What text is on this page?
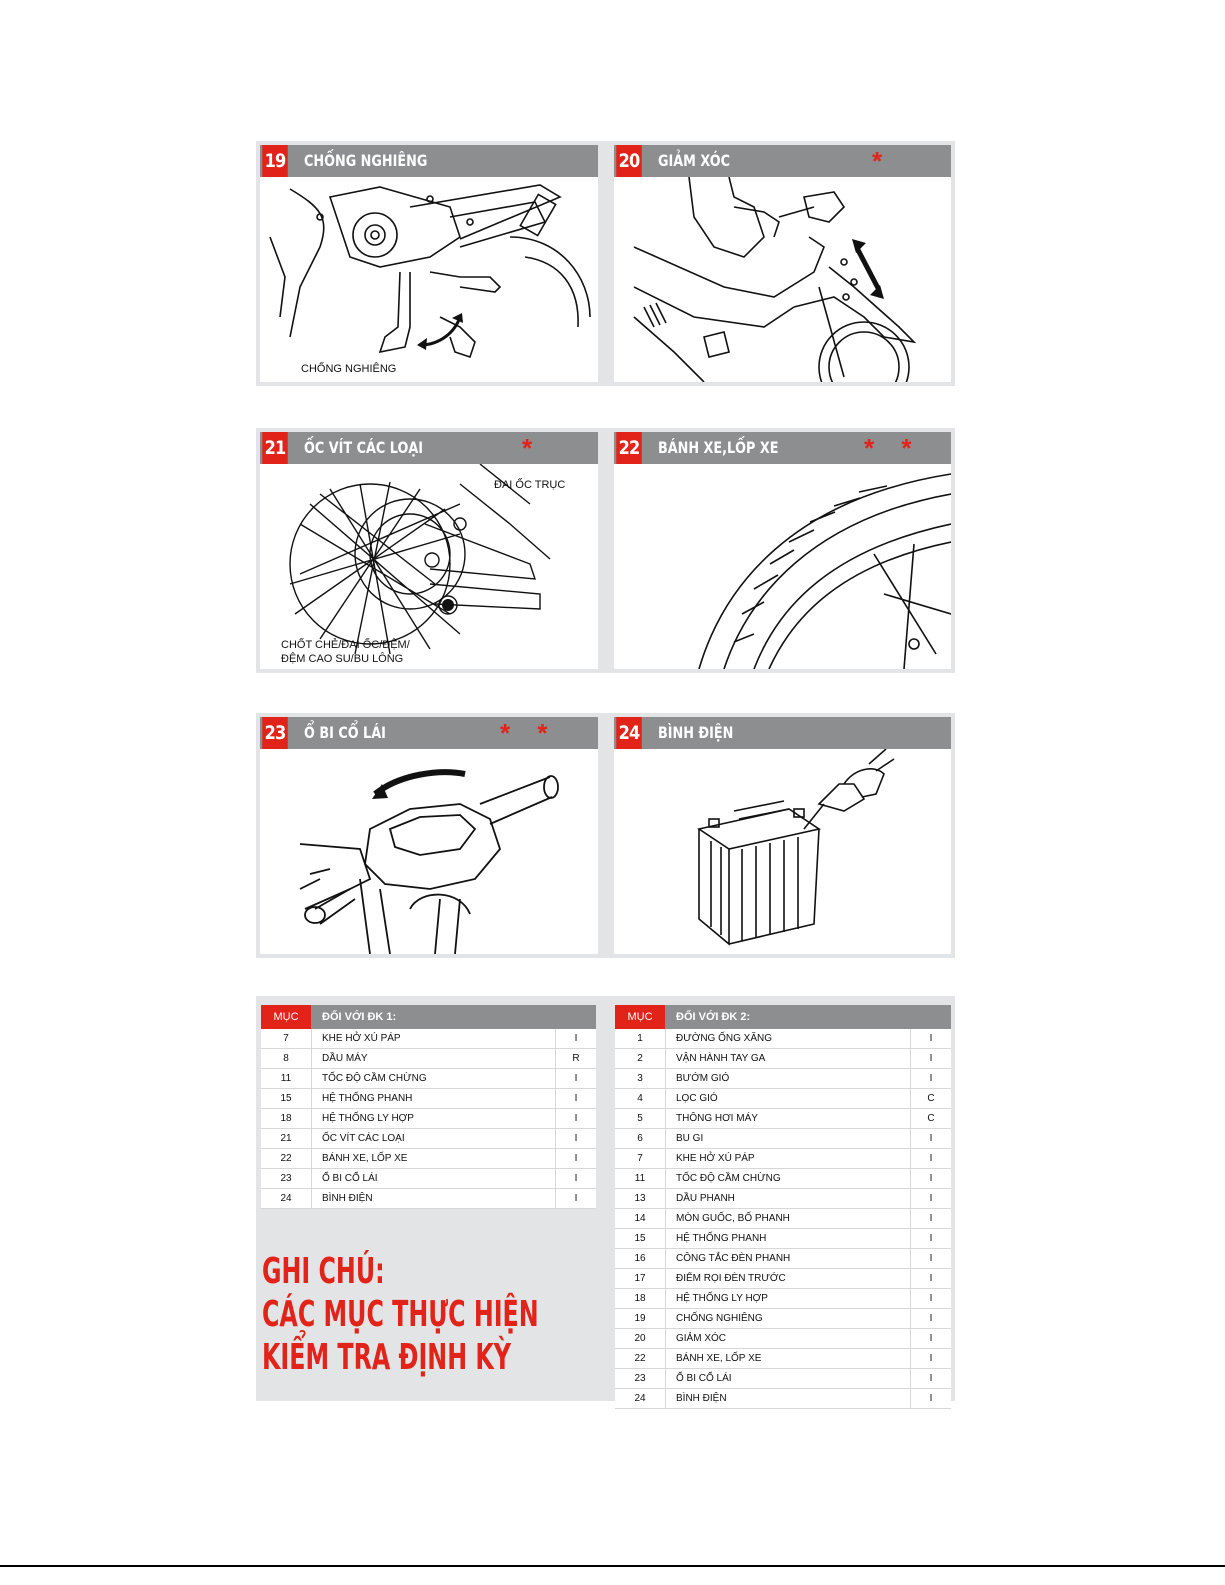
19 CHỐNG NGHIÊNG
CHỐNG NGHIÊNG
20 GIẢM XÓC	*
21 ỐC VÍT CÁC LOẠI	*
ĐAI ỐC TRỤC
CHỐT CHẺ/ĐAI ỐC/ĐỆM/
ĐỆM CAO SU/BU LÔNG
22 BÁNH XE,LỐP XE	* *
23 Ổ BI CỔ LÁI	* *	24 BÌNH ĐIỆN
MỤC	ĐỐI VỚI ĐK 1:
7	KHE HỞ XÚ PÁP	I
8	DẦU MÁY	R
11	TỐC ĐỘ CẦM CHỪNG	I
15	HỆ THỐNG PHANH	I
18	HỆ THỐNG LY HỢP	I
21	ỐC VÍT CÁC LOẠI	I
22	BÁNH XE, LỐP XE	I
23	Ổ BI CỔ LÁI	I
24	BÌNH ĐIỆN	I
MỤC	ĐỐI VỚI ĐK 2:
1	ĐƯỜNG ỐNG XĂNG	I
2	VẬN HÀNH TAY GA	I
3	BƯỚM GIÓ	I
4	LỌC GIÓ	C
5	THÔNG HƠI MÁY	C
6	BU GI	I
7	KHE HỞ XÚ PÁP	I
11	TỐC ĐỘ CẦM CHỪNG	I
13	DẦU PHANH	I
14	MÒN GUỐC, BỐ PHANH	I
15	HỆ THỐNG PHANH	I
16	CÔNG TẮC ĐÈN PHANH	I
17	ĐIỂM RỌI ĐÈN TRƯỚC	I
18	HỆ THỐNG LY HỢP	I
19	CHỐNG NGHIÊNG	I
20	GIẢM XÓC	I
22	BÁNH XE, LỐP XE	I
23	Ổ BI CỔ LÁI	I
24	BÌNH ĐIỆN	I
GHI CHÚ:
CÁC MỤC THỰC HIỆN
KIỂM TRA ĐỊNH KỲ
